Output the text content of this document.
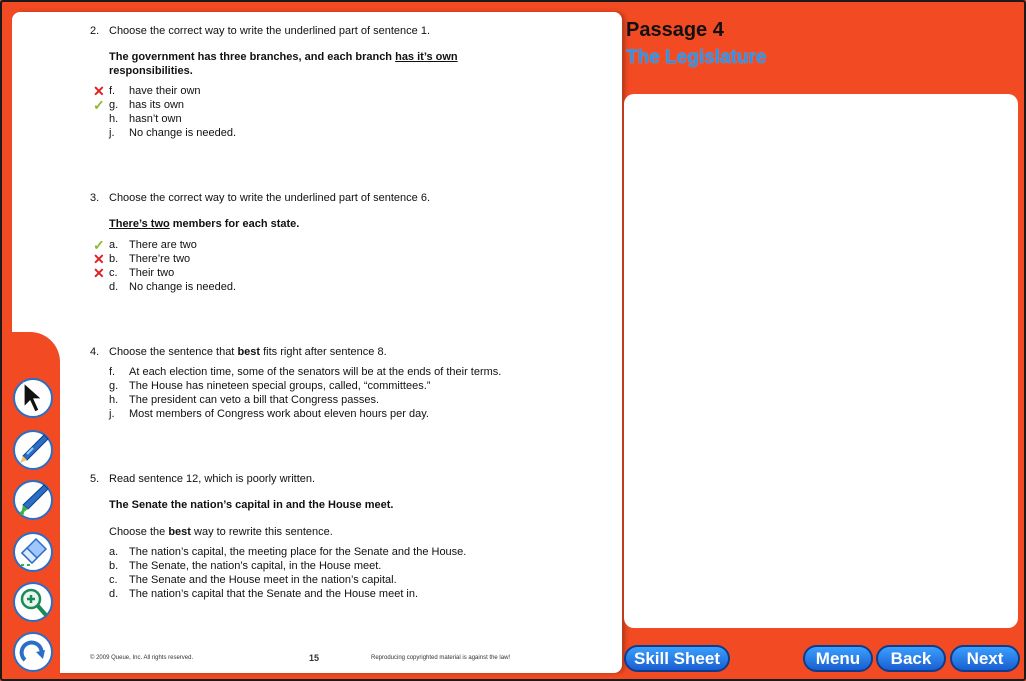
Passage 4
The Legislature
2. Choose the correct way to write the underlined part of sentence 1.
The government has three branches, and each branch has it’s own
responsibilities.
✕
✓
f. have their own
g. has its own
h. hasn’t own
j. No change is needed.
3. Choose the correct way to write the underlined part of sentence 6.
There’s two members for each state.
✓
✕
✕
a. There are two
b. There’re two
c. Their two
d. No change is needed.
4. Choose the sentence that best fits right after sentence 8.
f. At each election time, some of the senators will be at the ends of their terms.
g. The House has nineteen special groups, called, “committees.”
h. The president can veto a bill that Congress passes.
j. Most members of Congress work about eleven hours per day.
5. Read sentence 12, which is poorly written.
The Senate the nation’s capital in and the House meet.
Choose the best way to rewrite this sentence.
a. The nation’s capital, the meeting place for the Senate and the House.
b. The Senate, the nation’s capital, in the House meet.
c. The Senate and the House meet in the nation’s capital.
d. The nation’s capital that the Senate and the House meet in.
© 2009 Queue, Inc. All rights reserved.	15	Reproducing copyrighted material is against the law!	Skill Sheet	Menu	Back	Next
